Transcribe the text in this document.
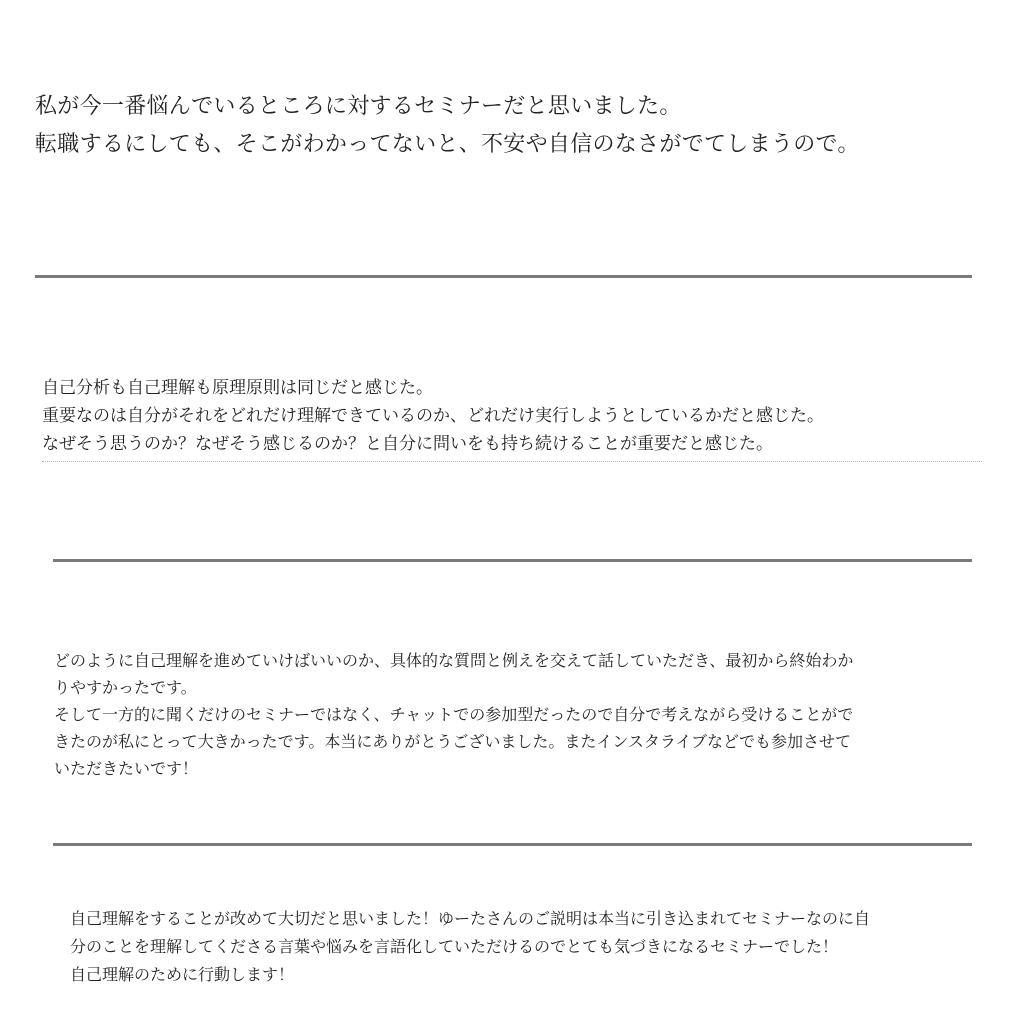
私が今一番悩んでいるところに対するセミナーだと思いました。
転職するにしても、そこがわかってないと、不安や自信のなさがでてしまうので。

自己分析も自己理解も原理原則は同じだと感じた。
重要なのは自分がそれをどれだけ理解できているのか、どれだけ実行しようとしているかだと感じた。
なぜそう思うのか？なぜそう感じるのか？と自分に問いをも持ち続けることが重要だと感じた。

どのように自己理解を進めていけばいいのか、具体的な質問と例えを交えて話していただき、最初から終始わか
りやすかったです。
そして一方的に聞くだけのセミナーではなく、チャットでの参加型だったので自分で考えながら受けることがで
きたのが私にとって大きかったです。本当にありがとうございました。またインスタライブなどでも参加させて
いただきたいです！

自己理解をすることが改めて大切だと思いました！ゆーたさんのご説明は本当に引き込まれてセミナーなのに自
分のことを理解してくださる言葉や悩みを言語化していただけるのでとても気づきになるセミナーでした！
自己理解のために行動します！
